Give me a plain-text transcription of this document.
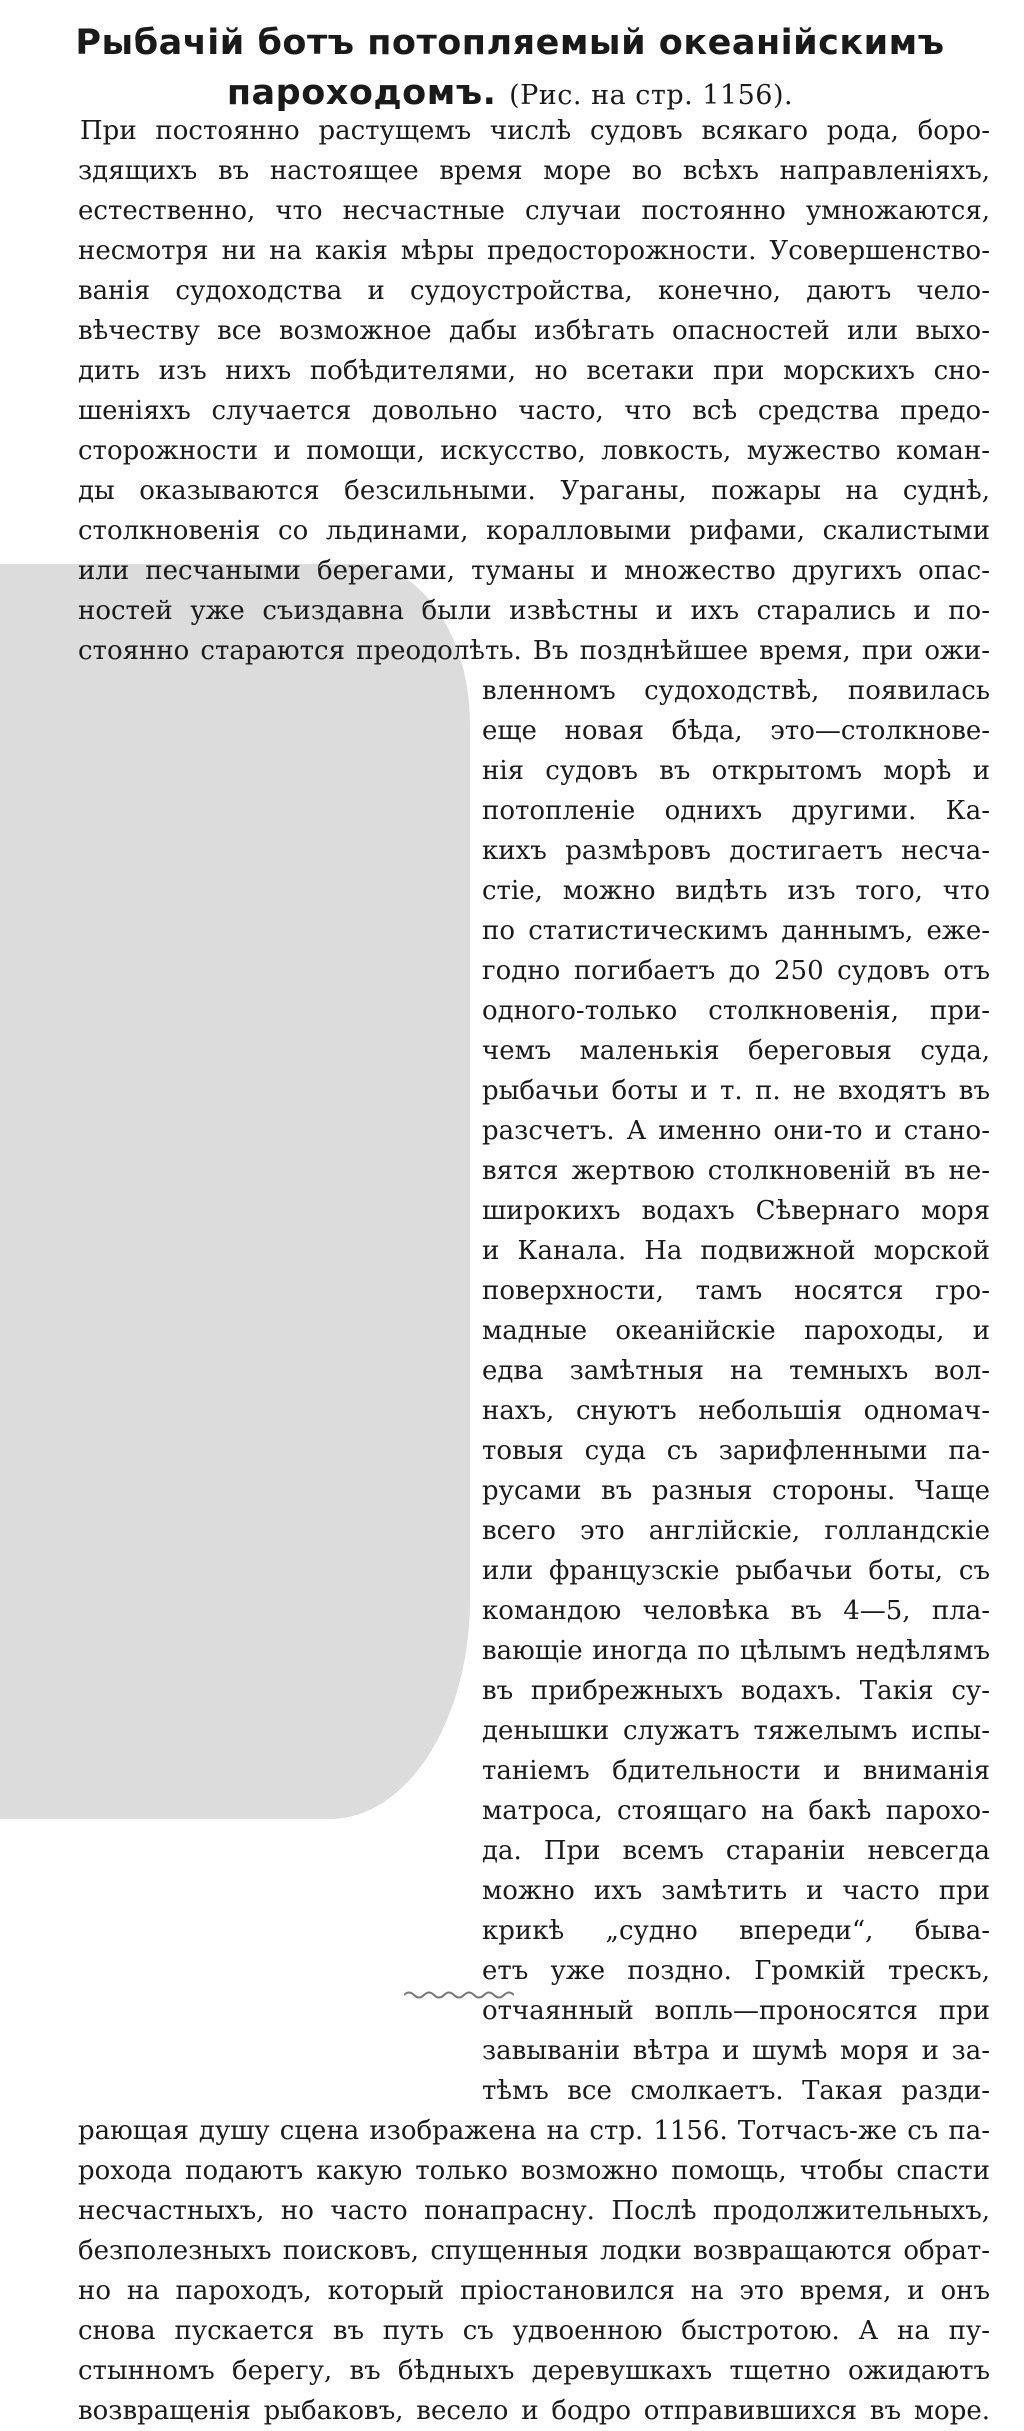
Рыбачій ботъ потопляемый океанійскимъ
пароходомъ. (Рис. на стр. 1156).
При постоянно растущемъ числѣ судовъ всякаго рода, боро-
здящихъ въ настоящее время море во всѣхъ направленіяхъ,
естественно, что несчастные случаи постоянно умножаются,
несмотря ни на какія мѣры предосторожности. Усовершенство-
ванія судоходства и судоустройства, конечно, даютъ чело-
вѣчеству все возможное дабы избѣгать опасностей или выхо-
дить изъ нихъ побѣдителями, но всетаки при морскихъ сно-
шеніяхъ случается довольно часто, что всѣ средства предо-
сторожности и помощи, искусство, ловкость, мужество коман-
ды оказываются безсильными. Ураганы, пожары на суднѣ,
столкновенія со льдинами, коралловыми рифами, скалистыми
или песчаными берегами, туманы и множество другихъ опас-
ностей уже съиздавна были извѣстны и ихъ старались и по-
стоянно стараются преодолѣть. Въ позднѣйшее время, при ожи-
вленномъ судоходствѣ, появилась
еще новая бѣда, это—столкнове-
нія судовъ въ открытомъ морѣ и
потопленіе однихъ другими. Ка-
кихъ размѣровъ достигаетъ несча-
стіе, можно видѣть изъ того, что
по статистическимъ даннымъ, еже-
годно погибаетъ до 250 судовъ отъ
одного-только столкновенія, при-
чемъ маленькія береговыя суда,
рыбачьи боты и т. п. не входятъ въ
разсчетъ. А именно они-то и стано-
вятся жертвою столкновеній въ не-
широкихъ водахъ Сѣвернаго моря
и Канала. На подвижной морской
поверхности, тамъ носятся гро-
мадные океанійскіе пароходы, и
едва замѣтныя на темныхъ вол-
нахъ, снуютъ небольшія одномач-
товыя суда съ зарифленными па-
русами въ разныя стороны. Чаще
всего это англійскіе, голландскіе
или французскіе рыбачьи боты, съ
командою человѣка въ 4—5, пла-
вающіе иногда по цѣлымъ недѣлямъ
въ прибрежныхъ водахъ. Такія су-
денышки служатъ тяжелымъ испы-
таніемъ бдительности и вниманія
матроса, стоящаго на бакѣ парохо-
да. При всемъ стараніи невсегда
можно ихъ замѣтить и часто при
крикѣ „судно впереди“, быва-
етъ уже поздно. Громкій трескъ,
отчаянный вопль—проносятся при
завываніи вѣтра и шумѣ моря и за-
тѣмъ все смолкаетъ. Такая разди-
рающая душу сцена изображена на стр. 1156. Тотчасъ-же съ па-
рохода подаютъ какую только возможно помощь, чтобы спасти
несчастныхъ, но часто понапрасну. Послѣ продолжительныхъ,
безполезныхъ поисковъ, спущенныя лодки возвращаются обрат-
но на пароходъ, который пріостановился на это время, и онъ
снова пускается въ путь съ удвоенною быстротою. А на пу-
стынномъ берегу, въ бѣдныхъ деревушкахъ тщетно ожидаютъ
возвращенія рыбаковъ, весело и бодро отправившихся въ море.
